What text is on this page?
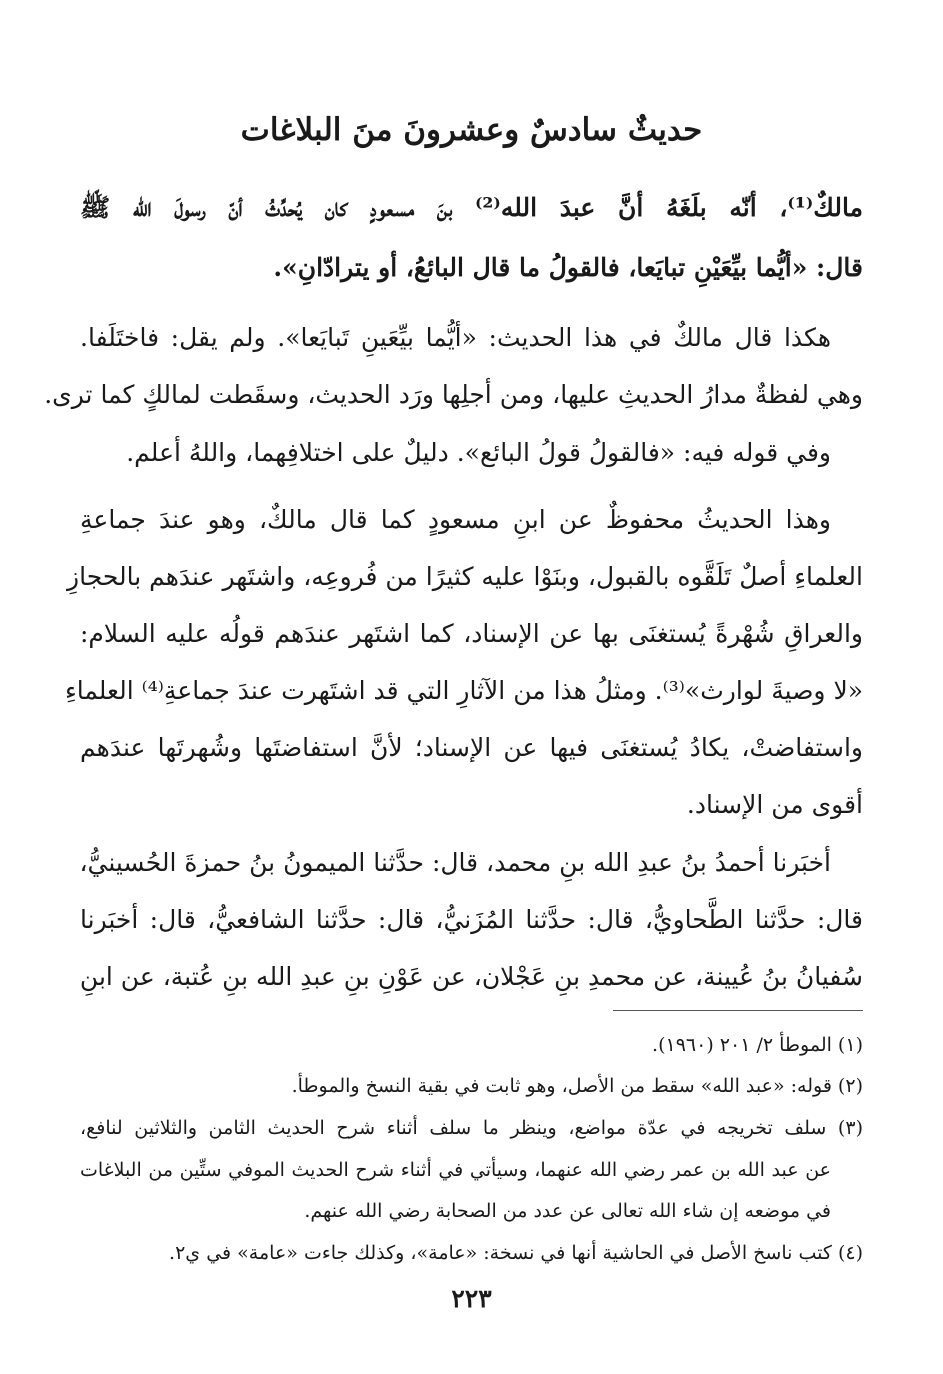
حديثٌ سادسٌ وعشرونَ منَ البلاغات
مالكٌ⁽¹⁾، أنّه بلَغَهُ أنَّ عبدَ الله⁽²⁾ بنَ مسعودٍ كان يُحدِّثُ أنّ رسولَ الله ﷺ
قال: «أيُّما بيِّعَيْنِ تبايَعا، فالقولُ ما قال البائعُ، أو يترادّانِ».
هكذا قال مالكٌ في هذا الحديث: «أيُّما بيِّعَينِ تَبايَعا». ولم يقل: فاختَلَفا.
وهي لفظةٌ مدارُ الحديثِ عليها، ومن أجلِها ورَد الحديث، وسقَطت لمالكٍ كما ترى.
وفي قوله فيه: «فالقولُ قولُ البائع». دليلٌ على اختلافِهما، واللهُ أعلم.
وهذا الحديثُ محفوظٌ عن ابنِ مسعودٍ كما قال مالكٌ، وهو عندَ جماعةِ
العلماءِ أصلٌ تَلَقَّوه بالقبول، وبنَوْا عليه كثيرًا من فُروعِه، واشتَهر عندَهم بالحجازِ
والعراقِ شُهْرةً يُستغنَى بها عن الإسناد، كما اشتَهر عندَهم قولُه عليه السلام:
«لا وصيةَ لوارث»⁽³⁾. ومثلُ هذا من الآثارِ التي قد اشتَهرت عندَ جماعةِ⁽⁴⁾ العلماءِ
واستفاضتْ، يكادُ يُستغنَى فيها عن الإسناد؛ لأنَّ استفاضتَها وشُهرتَها عندَهم
أقوى من الإسناد.
أخبَرنا أحمدُ بنُ عبدِ الله بنِ محمد، قال: حدَّثنا الميمونُ بنُ حمزةَ الحُسينيُّ،
قال: حدَّثنا الطَّحاويُّ، قال: حدَّثنا المُزَنيُّ، قال: حدَّثنا الشافعيُّ، قال: أخبَرنا
سُفيانُ بنُ عُيينة، عن محمدِ بنِ عَجْلان، عن عَوْنِ بنِ عبدِ الله بنِ عُتبة، عن ابنِ
(١) الموطأ ٢/ ٢٠١ (١٩٦٠).
(٢) قوله: «عبد الله» سقط من الأصل، وهو ثابت في بقية النسخ والموطأ.
(٣) سلف تخريجه في عدّة مواضع، وينظر ما سلف أثناء شرح الحديث الثامن والثلاثين لنافع،
عن عبد الله بن عمر رضي الله عنهما، وسيأتي في أثناء شرح الحديث الموفي ستِّين من البلاغات
في موضعه إن شاء الله تعالى عن عدد من الصحابة رضي الله عنهم.
(٤) كتب ناسخ الأصل في الحاشية أنها في نسخة: «عامة»، وكذلك جاءت «عامة» في ي٢.
٢٢٣
